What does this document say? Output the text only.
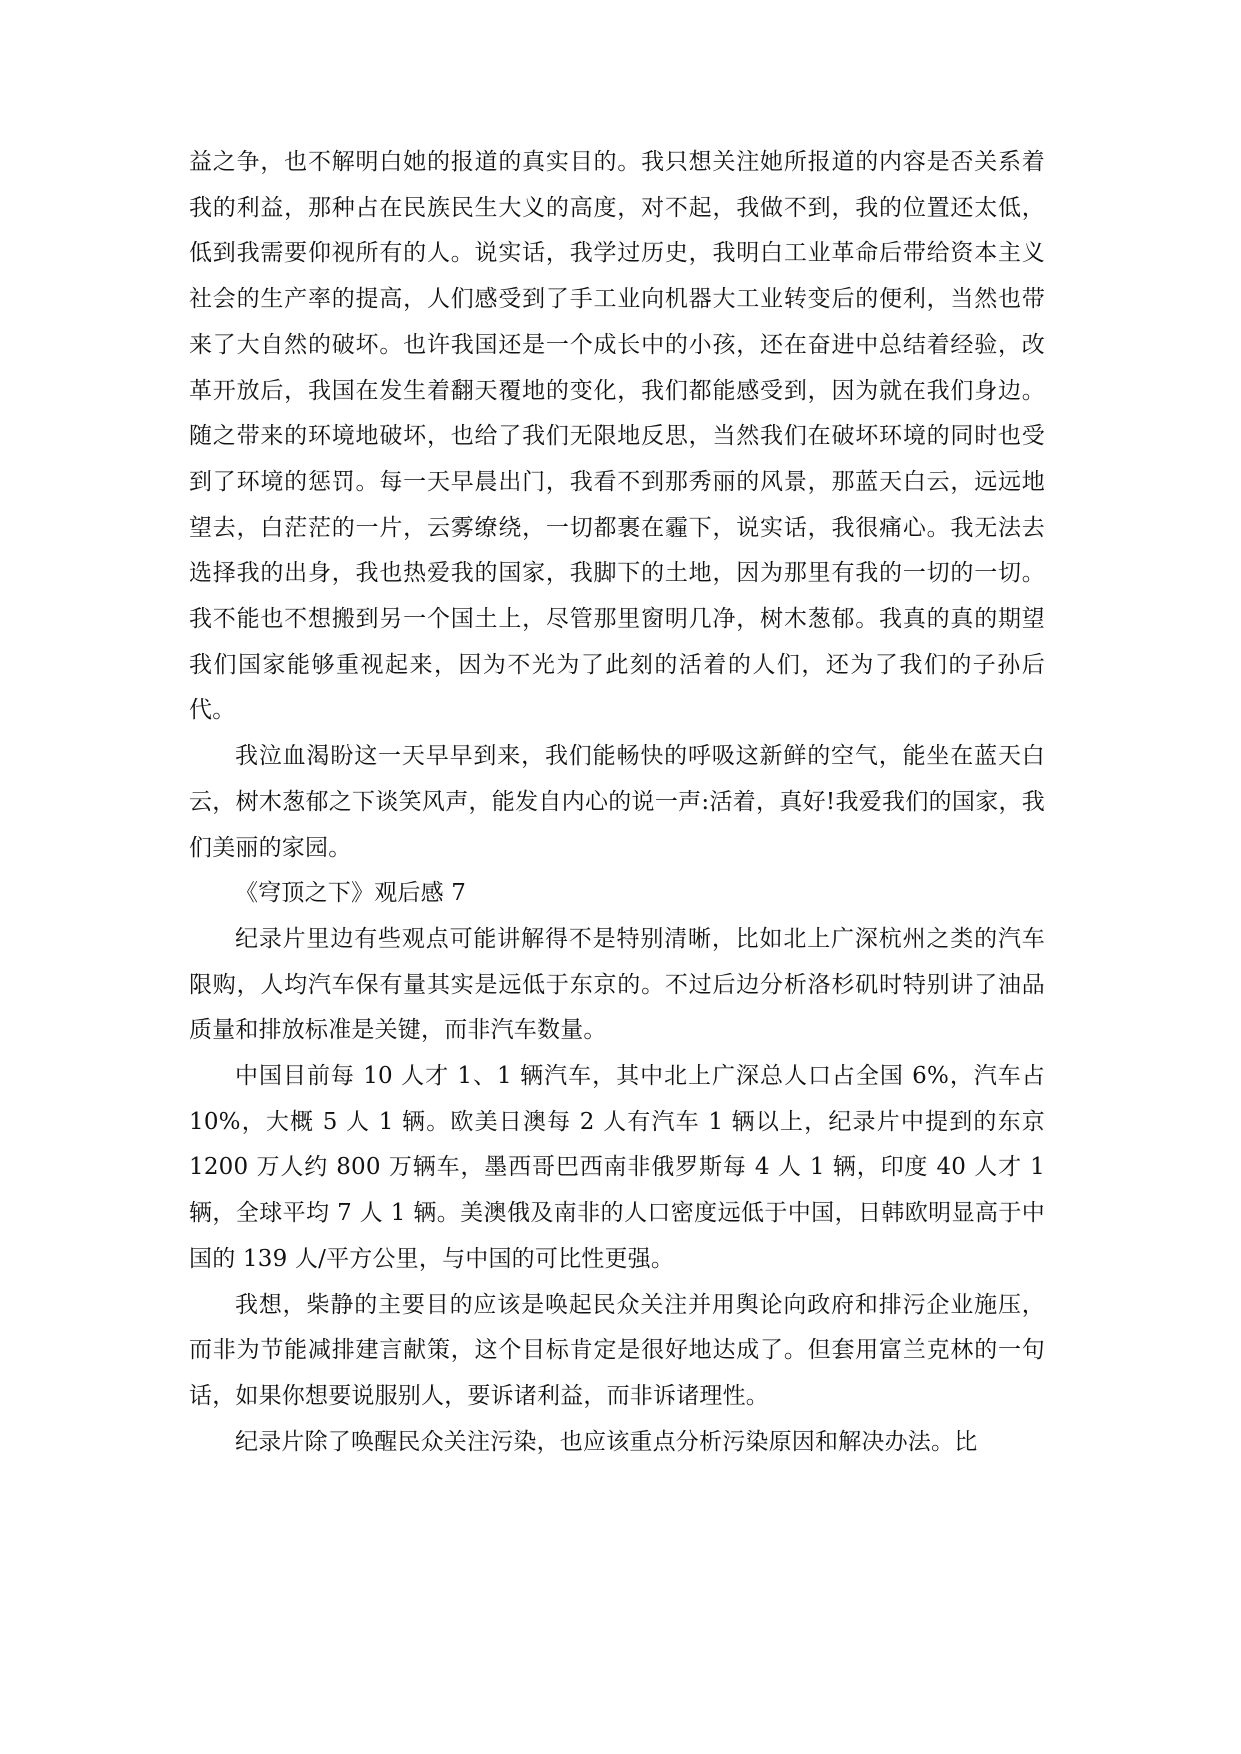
益之争，也不解明白她的报道的真实目的。我只想关注她所报道的内容是否关系着我的利益，那种占在民族民生大义的高度，对不起，我做不到，我的位置还太低，低到我需要仰视所有的人。说实话，我学过历史，我明白工业革命后带给资本主义社会的生产率的提高，人们感受到了手工业向机器大工业转变后的便利，当然也带来了大自然的破坏。也许我国还是一个成长中的小孩，还在奋进中总结着经验，改革开放后，我国在发生着翻天覆地的变化，我们都能感受到，因为就在我们身边。随之带来的环境地破坏，也给了我们无限地反思，当然我们在破坏环境的同时也受到了环境的惩罚。每一天早晨出门，我看不到那秀丽的风景，那蓝天白云，远远地望去，白茫茫的一片，云雾缭绕，一切都裹在霾下，说实话，我很痛心。我无法去选择我的出身，我也热爱我的国家，我脚下的土地，因为那里有我的一切的一切。我不能也不想搬到另一个国土上，尽管那里窗明几净，树木葱郁。我真的真的期望我们国家能够重视起来，因为不光为了此刻的活着的人们，还为了我们的子孙后代。

我泣血渴盼这一天早早到来，我们能畅快的呼吸这新鲜的空气，能坐在蓝天白云，树木葱郁之下谈笑风声，能发自内心的说一声:活着，真好!我爱我们的国家，我们美丽的家园。

《穹顶之下》观后感 7

纪录片里边有些观点可能讲解得不是特别清晰，比如北上广深杭州之类的汽车限购，人均汽车保有量其实是远低于东京的。不过后边分析洛杉矶时特别讲了油品质量和排放标准是关键，而非汽车数量。

中国目前每 10 人才 1、1 辆汽车，其中北上广深总人口占全国 6%，汽车占 10%，大概 5 人 1 辆。欧美日澳每 2 人有汽车 1 辆以上，纪录片中提到的东京 1200 万人约 800 万辆车，墨西哥巴西南非俄罗斯每 4 人 1 辆，印度 40 人才 1 辆，全球平均 7 人 1 辆。美澳俄及南非的人口密度远低于中国，日韩欧明显高于中国的 139 人/平方公里，与中国的可比性更强。

我想，柴静的主要目的应该是唤起民众关注并用舆论向政府和排污企业施压，而非为节能减排建言献策，这个目标肯定是很好地达成了。但套用富兰克林的一句话，如果你想要说服别人，要诉诸利益，而非诉诸理性。

纪录片除了唤醒民众关注污染，也应该重点分析污染原因和解决办法。比
